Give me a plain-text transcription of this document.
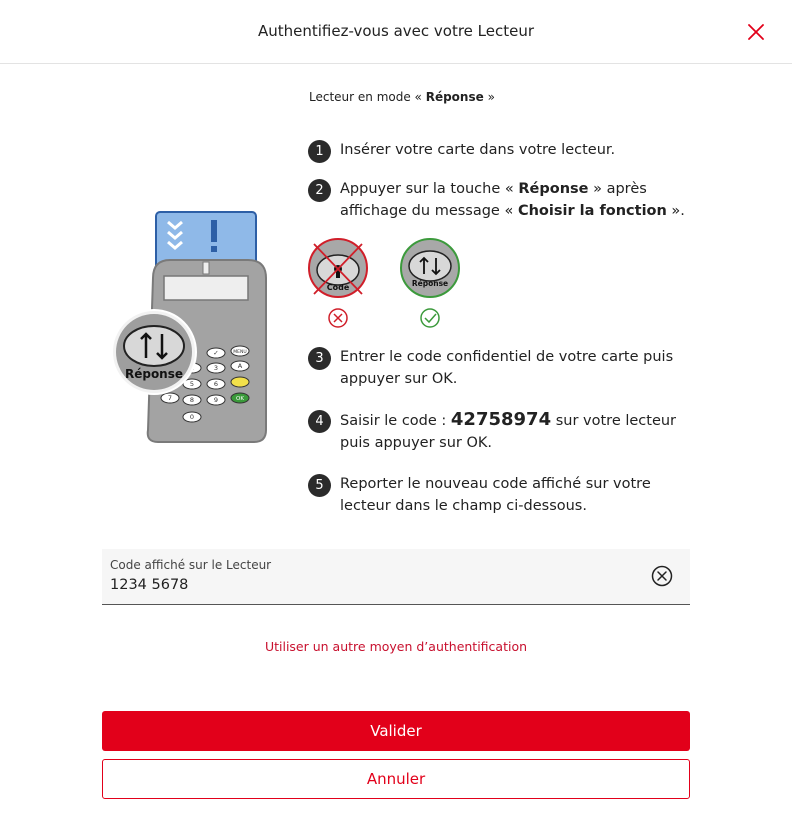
Authentifiez-vous avec votre Lecteur
Lecteur en mode « Réponse »
✓	MENU
3	A
5	6
7	8	9	OK
0
Réponse
1	Insérer votre carte dans votre lecteur.
2	Appuyer sur la touche « Réponse » après affichage du message « Choisir la fonction ».
Code	Réponse
3	Entrer le code confidentiel de votre carte puis appuyer sur OK.
4	Saisir le code : 42758974 sur votre lecteur puis appuyer sur OK.
5	Reporter le nouveau code affiché sur votre lecteur dans le champ ci-dessous.
Code affiché sur le Lecteur
1234 5678
Utiliser un autre moyen d’authentification
Valider
Annuler
